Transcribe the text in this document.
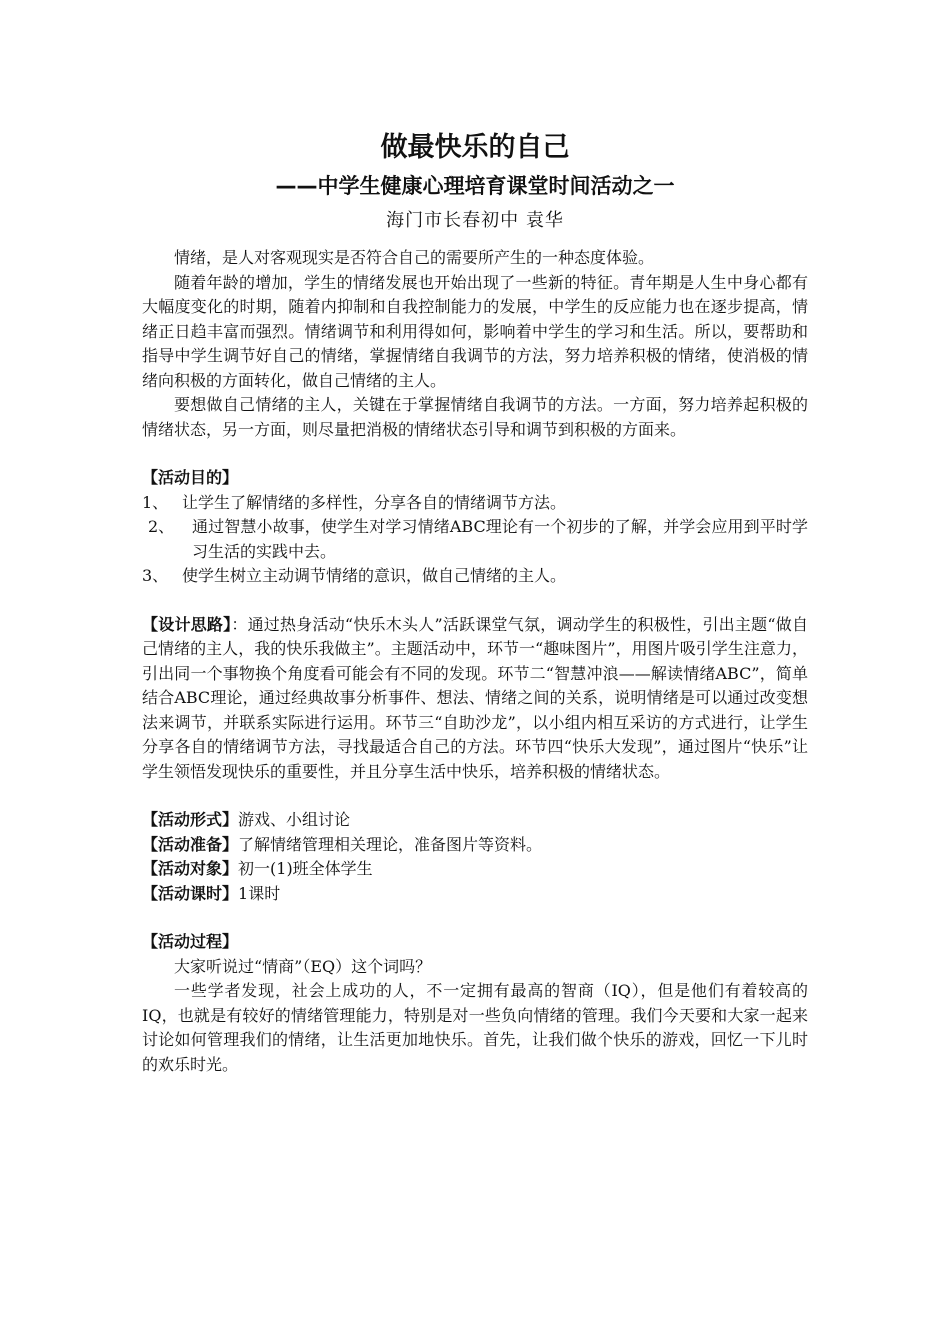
做最快乐的自己
——中学生健康心理培育课堂时间活动之一
海门市长春初中 袁华

情绪，是人对客观现实是否符合自己的需要所产生的一种态度体验。

随着年龄的增加，学生的情绪发展也开始出现了一些新的特征。青年期是人生中身心都有大幅度变化的时期，随着内抑制和自我控制能力的发展，中学生的反应能力也在逐步提高，情绪正日趋丰富而强烈。情绪调节和利用得如何，影响着中学生的学习和生活。所以，要帮助和指导中学生调节好自己的情绪，掌握情绪自我调节的方法，努力培养积极的情绪，使消极的情绪向积极的方面转化，做自己情绪的主人。

要想做自己情绪的主人，关键在于掌握情绪自我调节的方法。一方面，努力培养起积极的情绪状态，另一方面，则尽量把消极的情绪状态引导和调节到积极的方面来。

【活动目的】

1、 让学生了解情绪的多样性，分享各自的情绪调节方法。
2、	通过智慧小故事，使学生对学习情绪ABC理论有一个初步的了解，并学会应用到平时学习生活的实践中去。
3、 使学生树立主动调节情绪的意识，做自己情绪的主人。

【设计思路】：通过热身活动“快乐木头人”活跃课堂气氛，调动学生的积极性，引出主题“做自己情绪的主人，我的快乐我做主”。主题活动中，环节一“趣味图片”，用图片吸引学生注意力，引出同一个事物换个角度看可能会有不同的发现。环节二“智慧冲浪——解读情绪ABC”，简单结合ABC理论，通过经典故事分析事件、想法、情绪之间的关系，说明情绪是可以通过改变想法来调节，并联系实际进行运用。环节三“自助沙龙”，以小组内相互采访的方式进行，让学生分享各自的情绪调节方法，寻找最适合自己的方法。环节四“快乐大发现”，通过图片“快乐”让学生领悟发现快乐的重要性，并且分享生活中快乐，培养积极的情绪状态。

【活动形式】游戏、小组讨论

【活动准备】了解情绪管理相关理论，准备图片等资料。

【活动对象】初一(1)班全体学生

【活动课时】1课时

【活动过程】

大家听说过“情商”（EQ）这个词吗？

一些学者发现，社会上成功的人，不一定拥有最高的智商（IQ），但是他们有着较高的IQ，也就是有较好的情绪管理能力，特别是对一些负向情绪的管理。我们今天要和大家一起来讨论如何管理我们的情绪，让生活更加地快乐。首先，让我们做个快乐的游戏，回忆一下儿时的欢乐时光。
